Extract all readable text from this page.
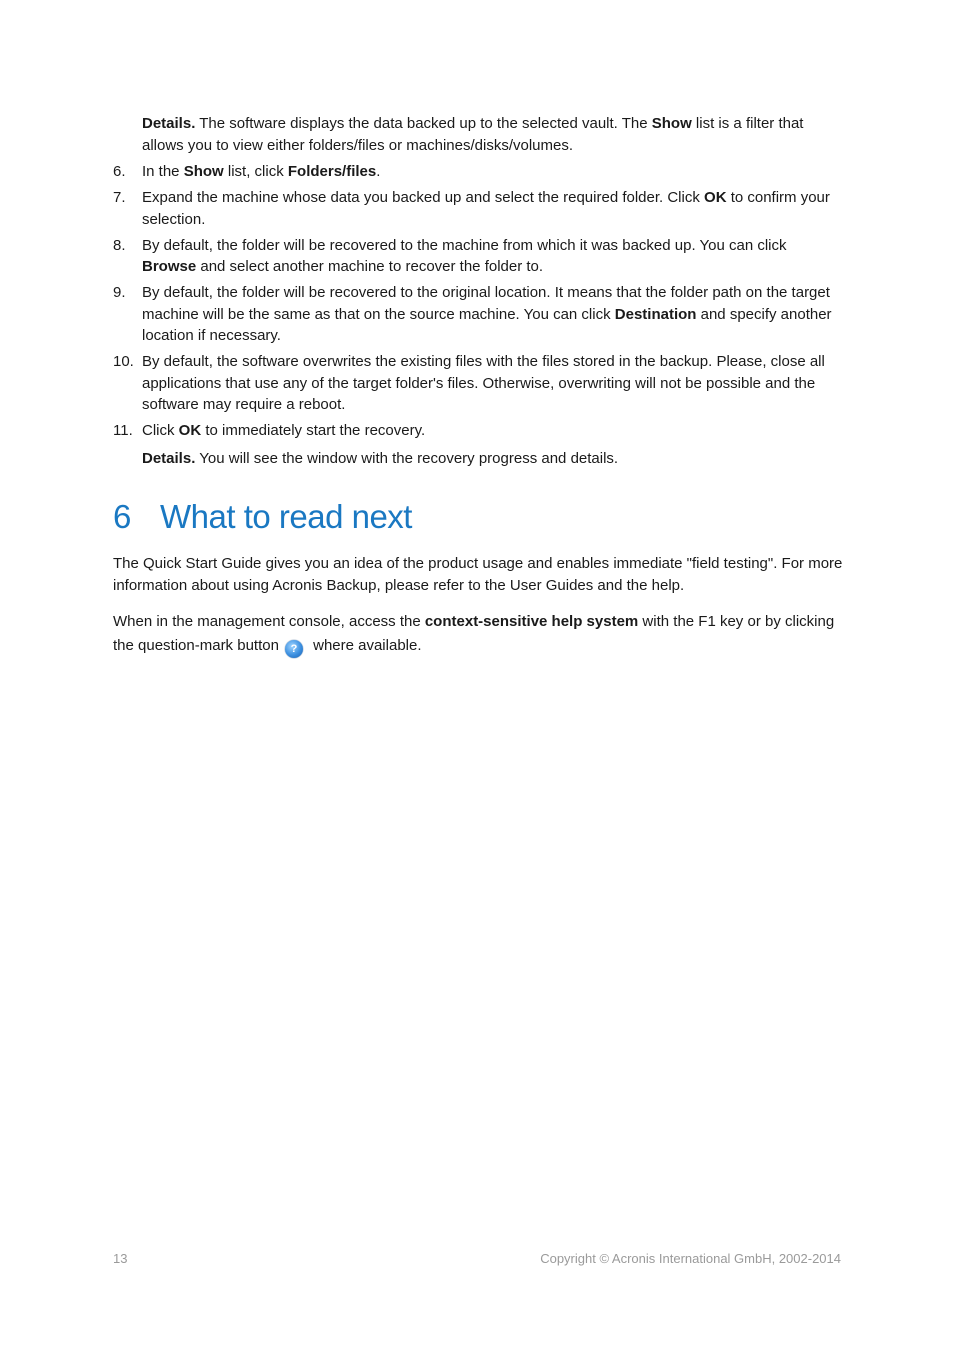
Details. The software displays the data backed up to the selected vault. The Show list is a filter that allows you to view either folders/files or machines/disks/volumes.
6. In the Show list, click Folders/files.
7. Expand the machine whose data you backed up and select the required folder. Click OK to confirm your selection.
8. By default, the folder will be recovered to the machine from which it was backed up. You can click Browse and select another machine to recover the folder to.
9. By default, the folder will be recovered to the original location. It means that the folder path on the target machine will be the same as that on the source machine. You can click Destination and specify another location if necessary.
10. By default, the software overwrites the existing files with the files stored in the backup. Please, close all applications that use any of the target folder's files. Otherwise, overwriting will not be possible and the software may require a reboot.
11. Click OK to immediately start the recovery.
Details. You will see the window with the recovery progress and details.
6 What to read next
The Quick Start Guide gives you an idea of the product usage and enables immediate "field testing". For more information about using Acronis Backup, please refer to the User Guides and the help.
When in the management console, access the context-sensitive help system with the F1 key or by clicking the question-mark button ? where available.
13	Copyright © Acronis International GmbH, 2002-2014
